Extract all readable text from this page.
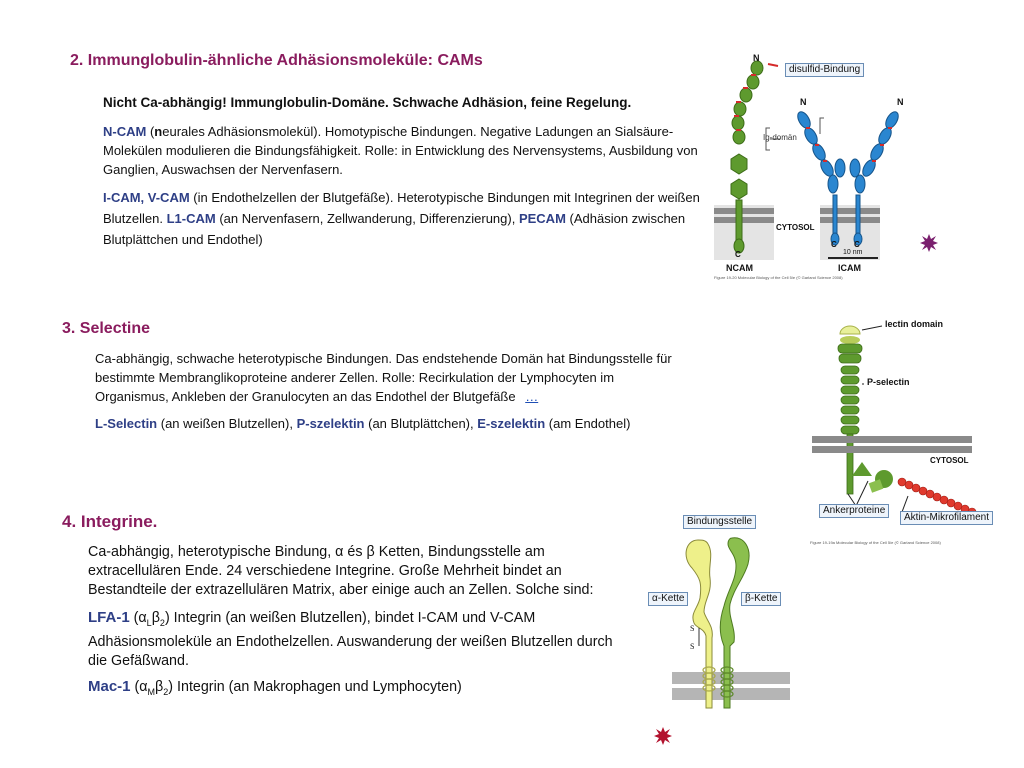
2. Immunglobulin-ähnliche Adhäsionsmoleküle: CAMs

Nicht Ca-abhängig! Immunglobulin-Domäne. Schwache Adhäsion, feine Regelung.

N-CAM (neurales Adhäsionsmolekül). Homotypische Bindungen. Negative Ladungen an Sialsäure-Molekülen modulieren die Bindungsfähigkeit. Rolle: in Entwicklung des Nervensystems, Ausbildung von Ganglien, Auswachsen der Nervenfasern.

I-CAM, V-CAM (in Endothelzellen der Blutgefäße). Heterotypische Bindungen mit Integrinen der weißen Blutzellen. L1-CAM (an Nervenfasern, Zellwanderung, Differenzierung), PECAM (Adhäsion zwischen Blutplättchen und Endothel)

N
N	N
Ig-domän
CYTOSOL
C
C C
10 nm
NCAM	ICAM
Figure 19-20 Molecular Biology of the Cell 5/e (© Garland Science 2008)
disulfid-Bindung
3. Selectine

Ca-abhängig, schwache heterotypische Bindungen. Das endstehende Domän hat Bindungsstelle für bestimmte Membranglikoproteine anderer Zellen. Rolle: Recirkulation der Lymphocyten im Organismus, Ankleben der Granulocyten an das Endothel der Blutgefäße …

L-Selectin (an weißen Blutzellen), P-szelektin (an Blutplättchen), E-szelektin (am Endothel)

lectin domain
P-selectin
CYTOSOL
Figure 19-19a Molecular Biology of the Cell 5/e (© Garland Science 2008)
Ankerproteine
Aktin-Mikrofilament
4. Integrine.

Ca-abhängig, heterotypische Bindung, α és β Ketten, Bindungsstelle am extracellulären Ende. 24 verschiedene Integrine. Große Mehrheit bindet an Bestandteile der extrazellulären Matrix, aber einige auch an Zellen. Solche sind:

LFA-1 $(\alpha_L\beta_2)$ Integrin (an weißen Blutzellen), bindet I-CAM und V-CAM Adhäsionsmoleküle an Endothelzellen. Auswanderung der weißen Blutzellen durch die Gefäßwand.

Mac-1 $(\alpha_M\beta_2)$ Integrin (an Makrophagen und Lymphocyten)

S
S
Bindungsstelle
α-Kette	β-Kette
